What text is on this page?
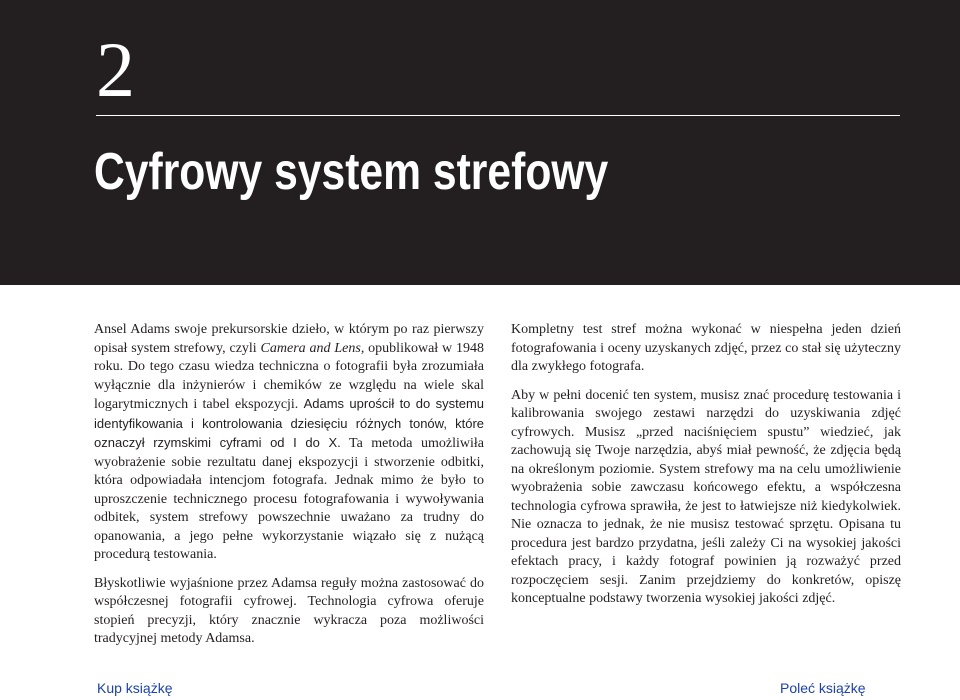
2
Cyfrowy system strefowy

Ansel Adams swoje prekursorskie dzieło, w którym po raz pierwszy opisał system strefowy, czyli Camera and Lens, opublikował w 1948 roku. Do tego czasu wiedza techniczna o fotografii była zrozumiała wyłącznie dla inżynierów i chemików ze względu na wiele skal logarytmicznych i tabel ekspozycji. Adams uprościł to do systemu identyfikowania i kontrolowania dziesięciu różnych tonów, które oznaczył rzymskimi cyframi od I do X. Ta metoda umożliwiła wyobrażenie sobie rezultatu danej ekspozycji i stworzenie odbitki, która odpowiadała intencjom fotografa. Jednak mimo że było to uproszczenie technicznego procesu fotografowania i wywoływania odbitek, system strefowy powszechnie uważano za trudny do opanowania, a jego pełne wykorzystanie wiązało się z nużącą procedurą testowania.

Błyskotliwie wyjaśnione przez Adamsa reguły można zastosować do współczesnej fotografii cyfrowej. Technologia cyfrowa oferuje stopień precyzji, który znacznie wykracza poza możliwości tradycyjnej metody Adamsa.

Kompletny test stref można wykonać w niespełna jeden dzień fotografowania i oceny uzyskanych zdjęć, przez co stał się użyteczny dla zwykłego fotografa.

Aby w pełni docenić ten system, musisz znać procedurę testowania i kalibrowania swojego zestawi narzędzi do uzyskiwania zdjęć cyfrowych. Musisz „przed naciśnięciem spustu” wiedzieć, jak zachowują się Twoje narzędzia, abyś miał pewność, że zdjęcia będą na określonym poziomie. System strefowy ma na celu umożliwienie wyobrażenia sobie zawczasu końcowego efektu, a współczesna technologia cyfrowa sprawiła, że jest to łatwiejsze niż kiedykolwiek. Nie oznacza to jednak, że nie musisz testować sprzętu. Opisana tu procedura jest bardzo przydatna, jeśli zależy Ci na wysokiej jakości efektach pracy, i każdy fotograf powinien ją rozważyć przed rozpoczęciem sesji. Zanim przejdziemy do konkretów, opiszę konceptualne podstawy tworzenia wysokiej jakości zdjęć.

Kup książkę	Poleć książkę
